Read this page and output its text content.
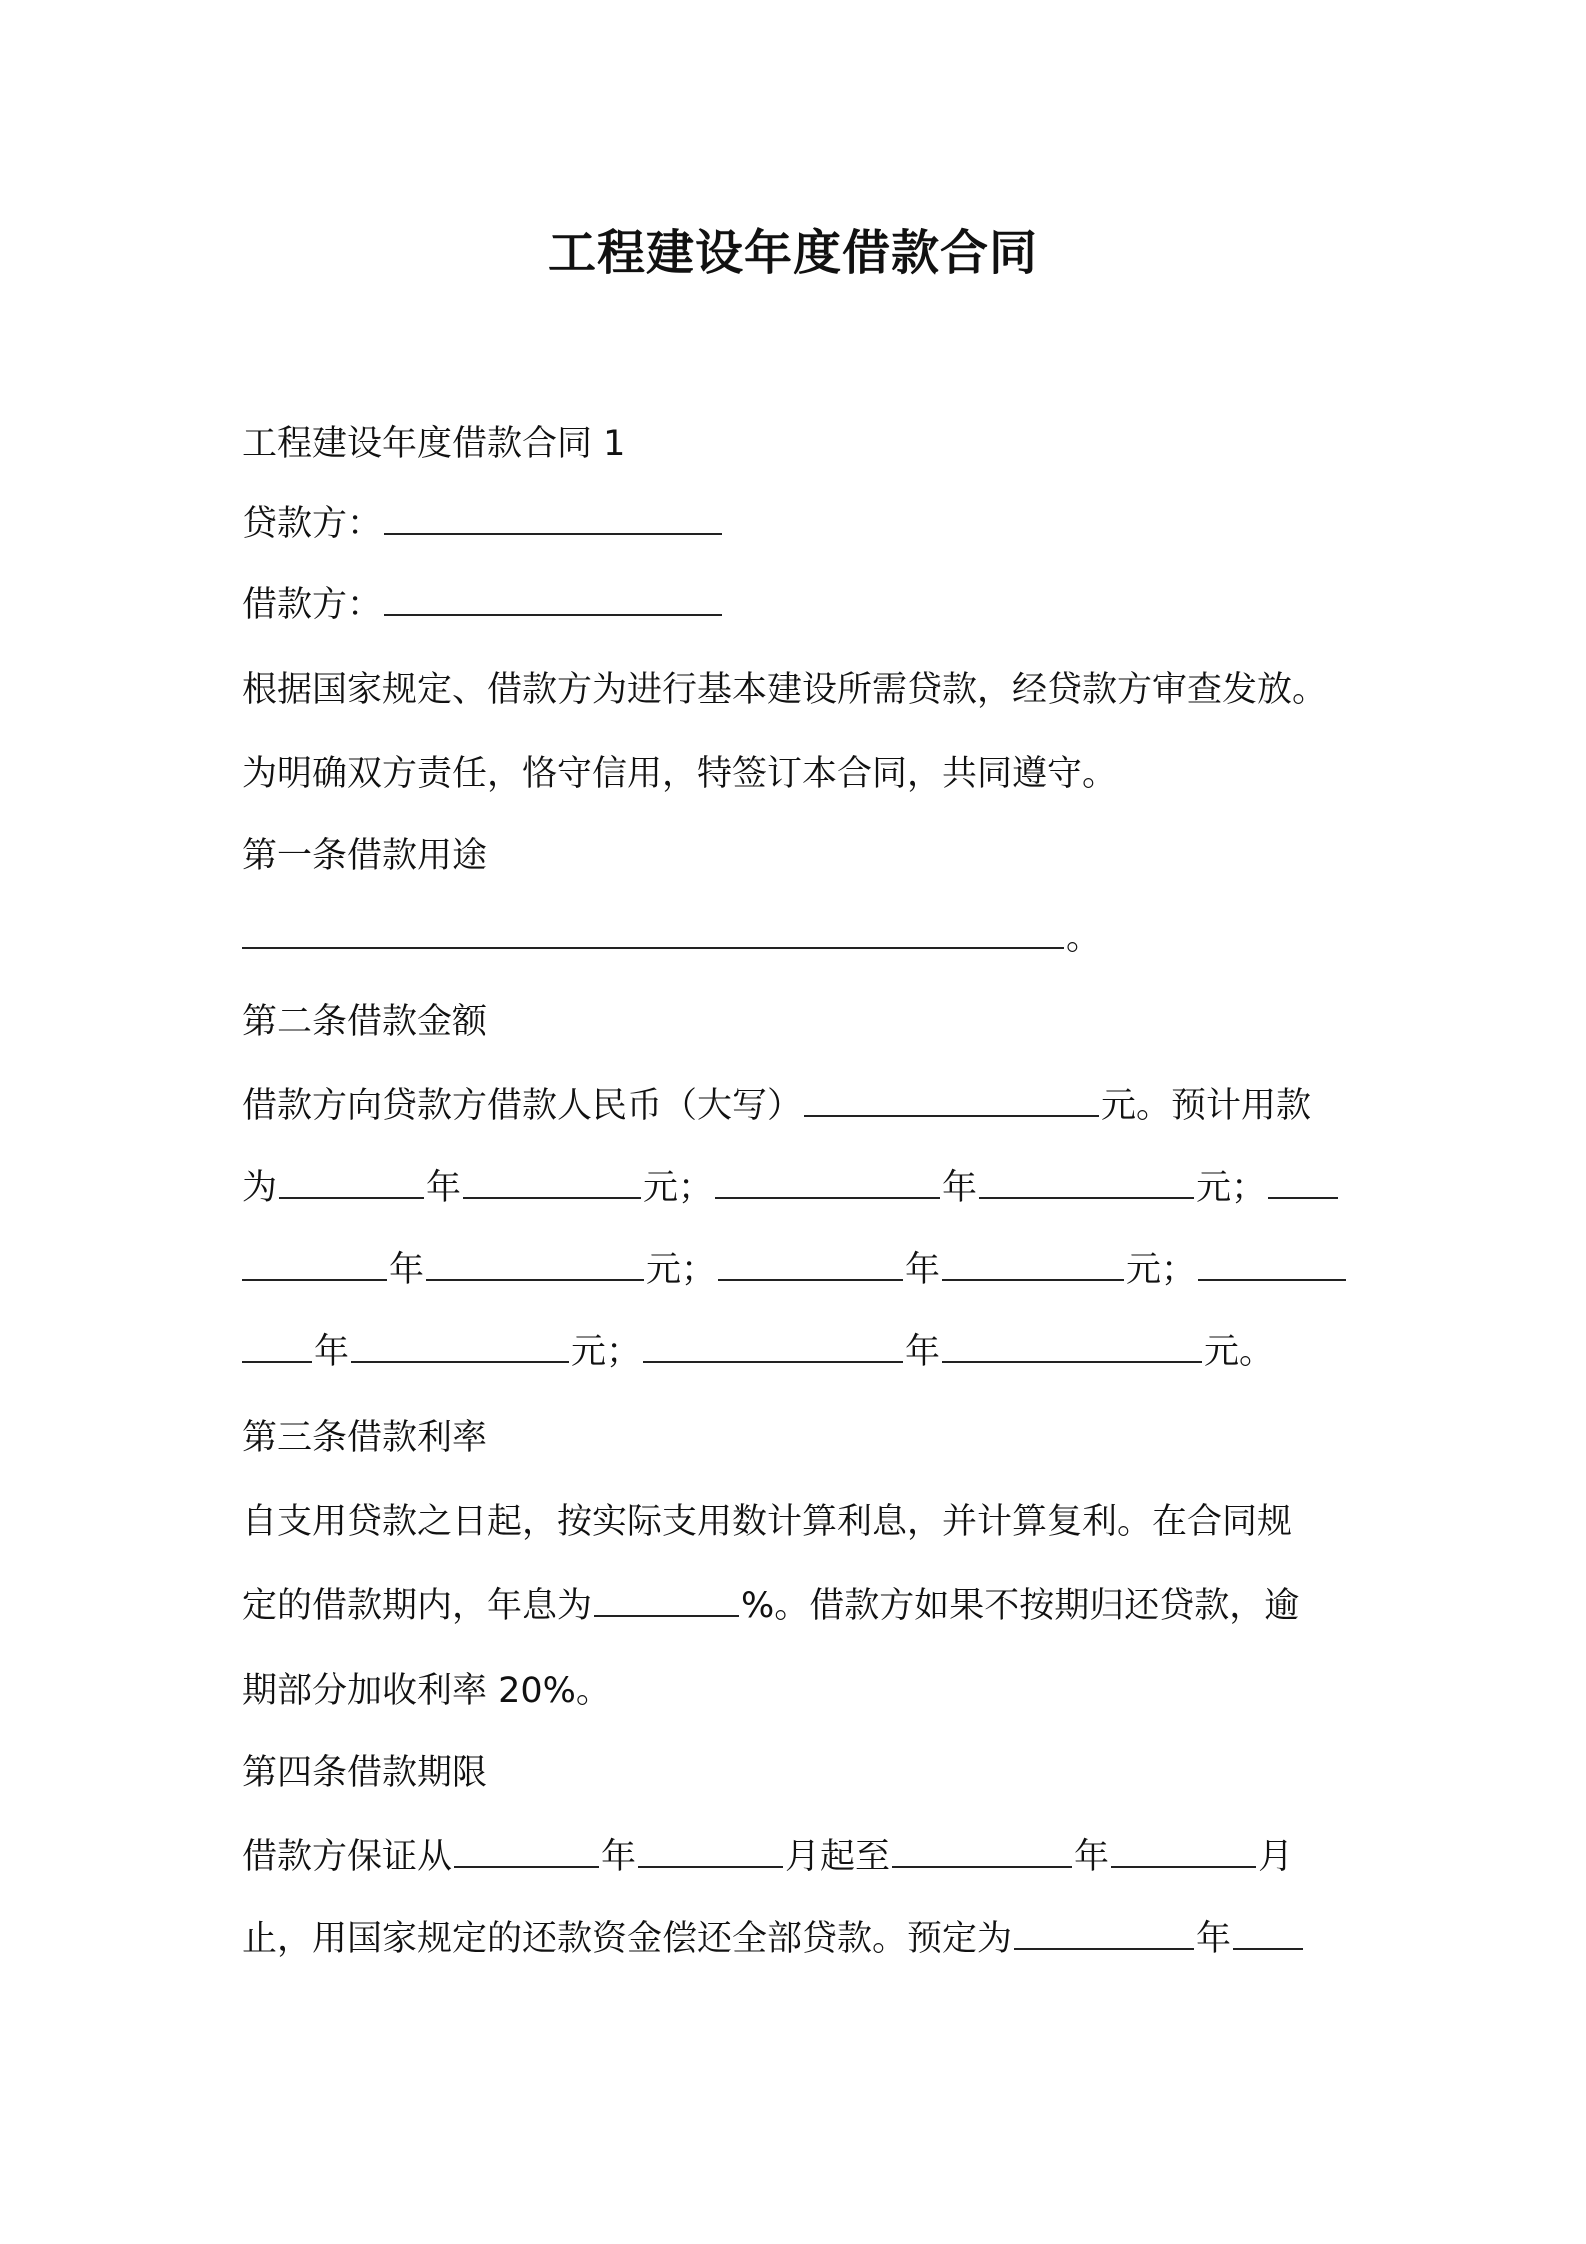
工程建设年度借款合同
工程建设年度借款合同 1
贷款方：
借款方：
根据国家规定、借款方为进行基本建设所需贷款，经贷款方审查发放。
为明确双方责任，恪守信用，特签订本合同，共同遵守。
第一条借款用途
。
第二条借款金额
借款方向贷款方借款人民币（大写）	元。预计用款
为	年	元；	年	元；
年	元；	年	元；
年	元；	年	元。
第三条借款利率
自支用贷款之日起，按实际支用数计算利息，并计算复利。在合同规
定的借款期内，年息为	%。借款方如果不按期归还贷款，逾
期部分加收利率 20%。
第四条借款期限
借款方保证从	年	月起至	年	月
止，用国家规定的还款资金偿还全部贷款。预定为	年
